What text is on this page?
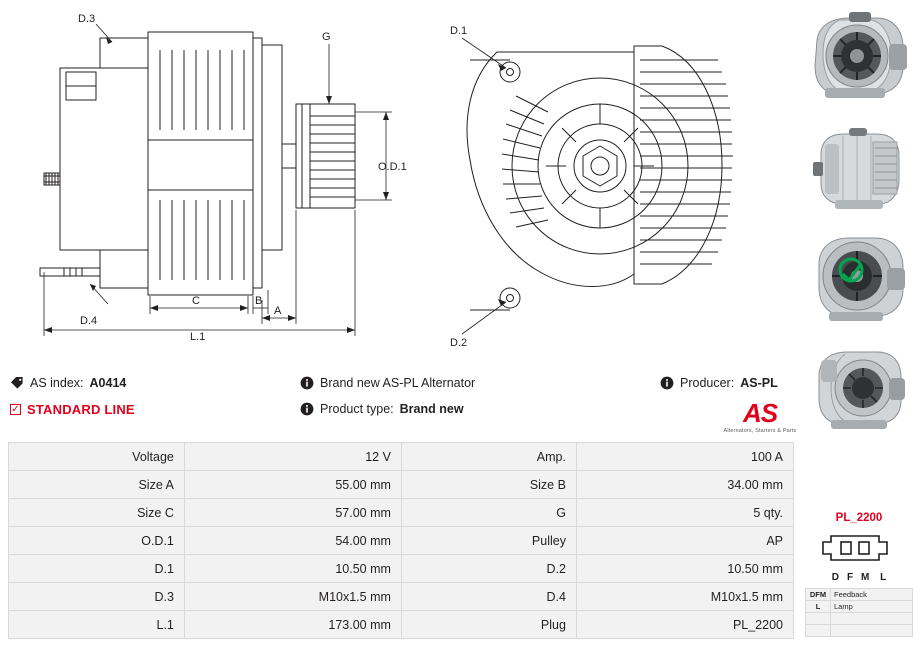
D.3
G
O.D.1
D.4
C	B
A
L.1
D.1
D.2
AS index: A0414	Brand new AS-PL Alternator	Producer: AS-PL
✓ STANDARD LINE	Product type: Brand new	AS
Alternators, Starters & Parts
Voltage	12 V	Amp.	100 A
Size A	55.00 mm	Size B	34.00 mm
Size C	57.00 mm	G	5 qty.
O.D.1	54.00 mm	Pulley	AP
D.1	10.50 mm	D.2	10.50 mm
D.3	M10x1.5 mm	D.4	M10x1.5 mm
L.1	173.00 mm	Plug	PL_2200
PL_2200
DFM L
DFM	Feedback
L	Lamp
